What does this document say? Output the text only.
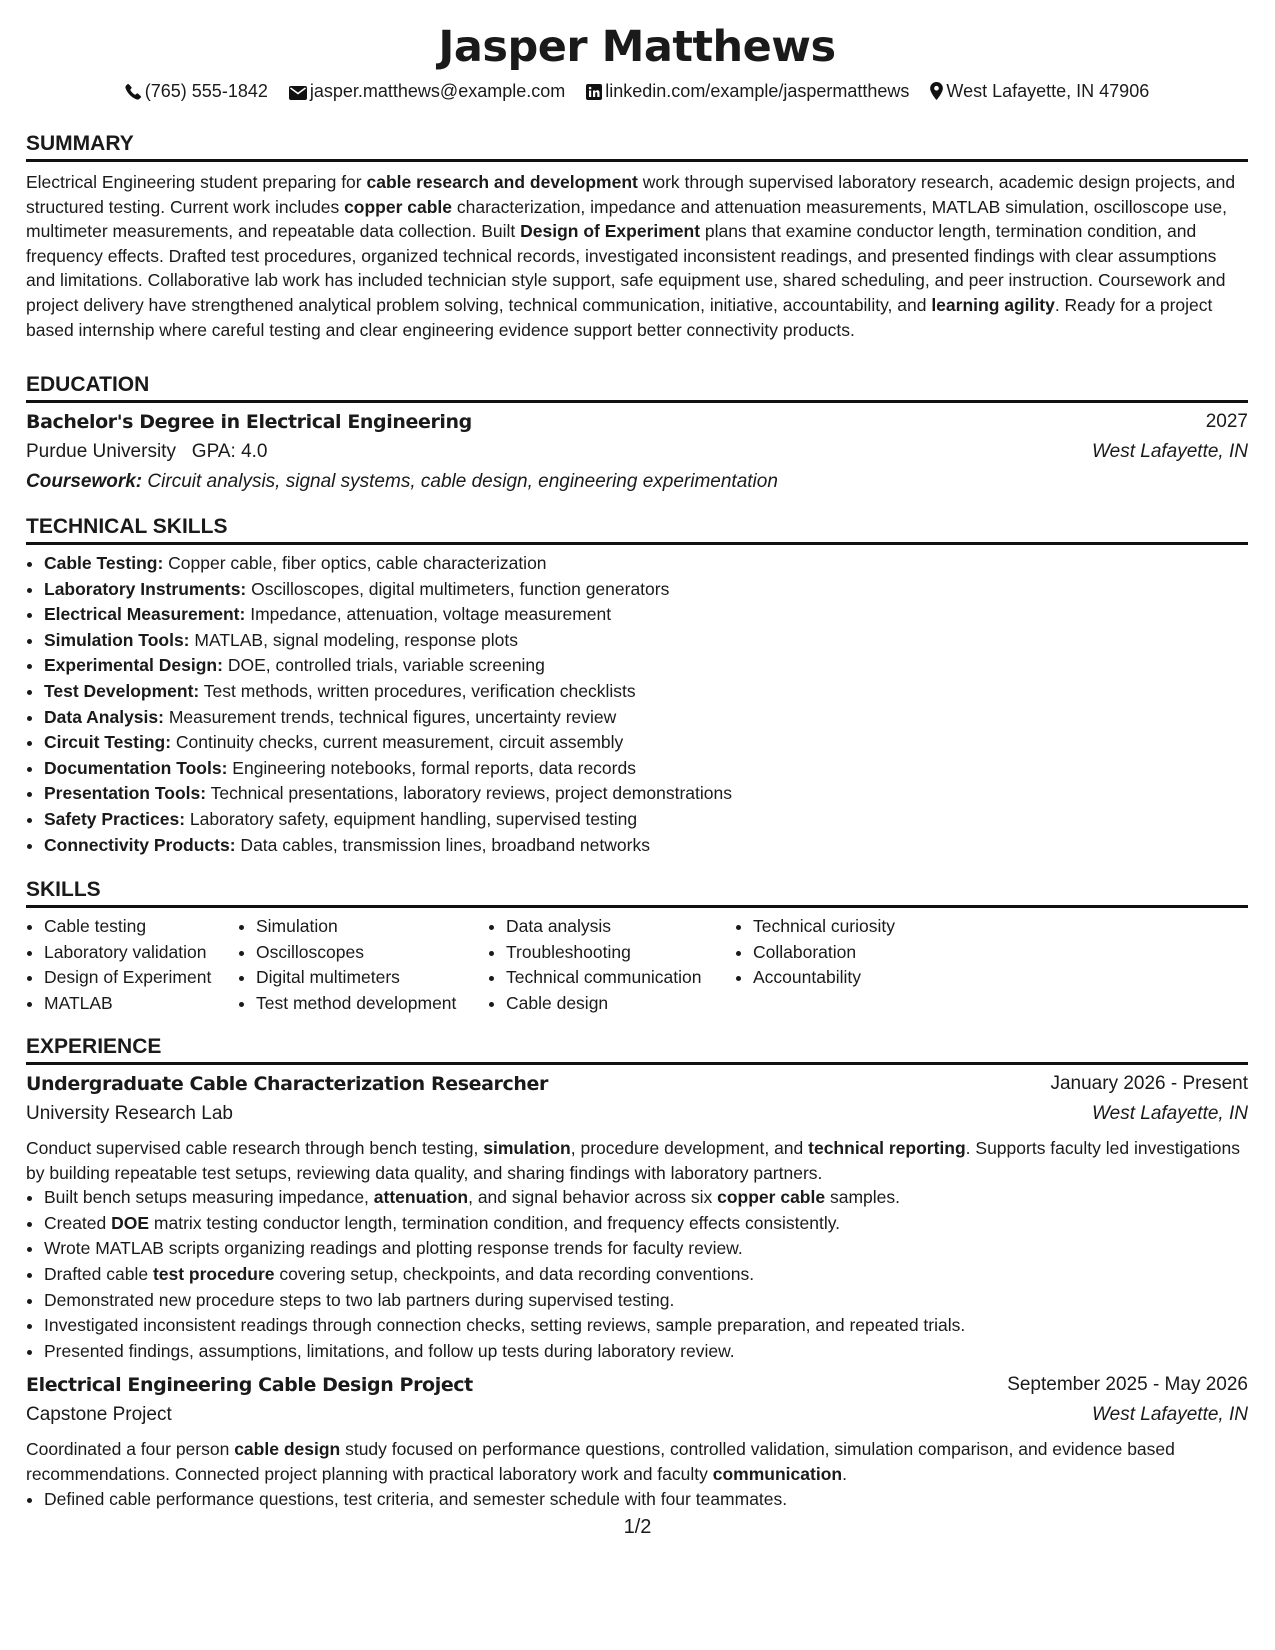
Jasper Matthews
(765) 555-1842 jasper.matthews@example.com linkedin.com/example/jaspermatthews West Lafayette, IN 47906
SUMMARY
Electrical Engineering student preparing for cable research and development work through supervised laboratory research, academic design projects, and structured testing. Current work includes copper cable characterization, impedance and attenuation measurements, MATLAB simulation, oscilloscope use, multimeter measurements, and repeatable data collection. Built Design of Experiment plans that examine conductor length, termination condition, and frequency effects. Drafted test procedures, organized technical records, investigated inconsistent readings, and presented findings with clear assumptions and limitations. Collaborative lab work has included technician style support, safe equipment use, shared scheduling, and peer instruction. Coursework and project delivery have strengthened analytical problem solving, technical communication, initiative, accountability, and learning agility. Ready for a project based internship where careful testing and clear engineering evidence support better connectivity products.
EDUCATION
Bachelor's Degree in Electrical Engineering	2027
Purdue University GPA: 4.0	West Lafayette, IN
Coursework: Circuit analysis, signal systems, cable design, engineering experimentation
TECHNICAL SKILLS
• Cable Testing: Copper cable, fiber optics, cable characterization
• Laboratory Instruments: Oscilloscopes, digital multimeters, function generators
• Electrical Measurement: Impedance, attenuation, voltage measurement
• Simulation Tools: MATLAB, signal modeling, response plots
• Experimental Design: DOE, controlled trials, variable screening
• Test Development: Test methods, written procedures, verification checklists
• Data Analysis: Measurement trends, technical figures, uncertainty review
• Circuit Testing: Continuity checks, current measurement, circuit assembly
• Documentation Tools: Engineering notebooks, formal reports, data records
• Presentation Tools: Technical presentations, laboratory reviews, project demonstrations
• Safety Practices: Laboratory safety, equipment handling, supervised testing
• Connectivity Products: Data cables, transmission lines, broadband networks
SKILLS
• Cable testing
• Laboratory validation
• Design of Experiment
• MATLAB
• Simulation
• Oscilloscopes
• Digital multimeters
• Test method development
• Data analysis
• Troubleshooting
• Technical communication
• Cable design
• Technical curiosity
• Collaboration
• Accountability
EXPERIENCE
Undergraduate Cable Characterization Researcher	January 2026 - Present
University Research Lab	West Lafayette, IN
Conduct supervised cable research through bench testing, simulation, procedure development, and technical reporting. Supports faculty led investigations by building repeatable test setups, reviewing data quality, and sharing findings with laboratory partners.
• Built bench setups measuring impedance, attenuation, and signal behavior across six copper cable samples.
• Created DOE matrix testing conductor length, termination condition, and frequency effects consistently.
• Wrote MATLAB scripts organizing readings and plotting response trends for faculty review.
• Drafted cable test procedure covering setup, checkpoints, and data recording conventions.
• Demonstrated new procedure steps to two lab partners during supervised testing.
• Investigated inconsistent readings through connection checks, setting reviews, sample preparation, and repeated trials.
• Presented findings, assumptions, limitations, and follow up tests during laboratory review.
Electrical Engineering Cable Design Project	September 2025 - May 2026
Capstone Project	West Lafayette, IN
Coordinated a four person cable design study focused on performance questions, controlled validation, simulation comparison, and evidence based recommendations. Connected project planning with practical laboratory work and faculty communication.
• Defined cable performance questions, test criteria, and semester schedule with four teammates.
1/2
